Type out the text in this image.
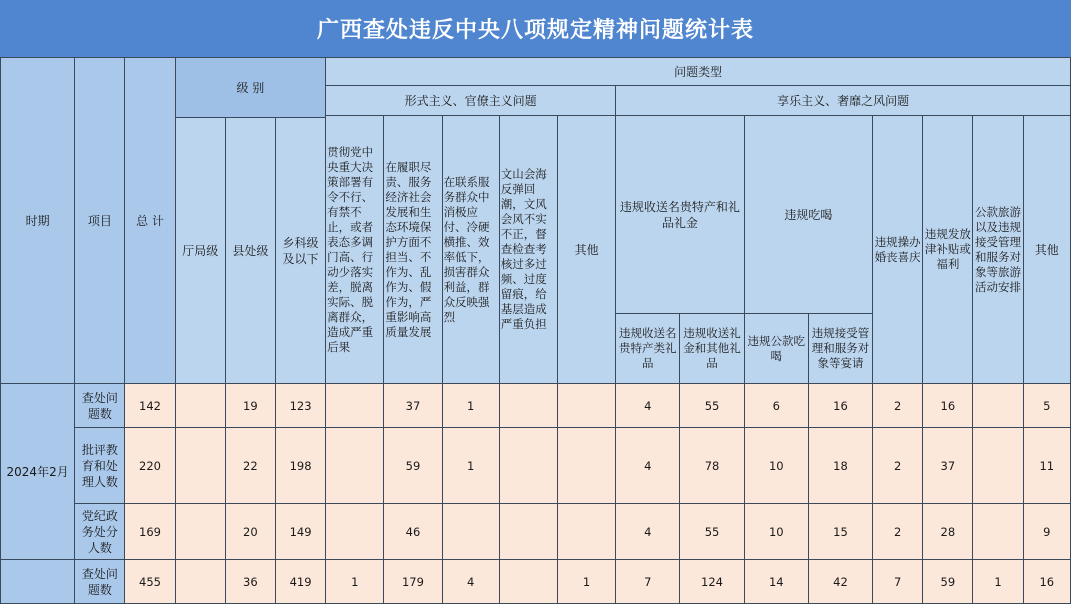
广西查处违反中央八项规定精神问题统计表
时期	项目	总 计	级 别			问题类型												
						形式主义、官僚主义问题					享乐主义、奢靡之风问题							
						贯彻党中央重大决策部署有令不行、有禁不止，或者表态多调门高、行动少落实差，脱离实际、脱离群众，造成严重后果	在履职尽责、服务经济社会发展和生态环境保护方面不担当、不作为、乱作为、假作为，严重影响高质量发展	在联系服务群众中消极应付、冷硬横推、效率低下，损害群众利益，群众反映强烈	文山会海反弹回潮，文风会风不实不正，督查检查考核过多过频、过度留痕，给基层造成严重负担	其他	违规收送名贵特产和礼品礼金		违规吃喝		违规操办婚丧喜庆	违规发放津补贴或福利	公款旅游以及违规接受管理和服务对象等旅游活动安排	其他
			厅局级	县处级	乡科级及以下													
											违规收送名贵特产类礼品	违规收送礼金和其他礼品	违规公款吃喝	违规接受管理和服务对象等宴请				
2024年2月	查处问题数	142		19	123		37	1			4	55	6	16	2	16		5
	批评教育和处理人数	220		22	198		59	1			4	78	10	18	2	37		11
	党纪政务处分人数	169		20	149		46				4	55	10	15	2	28		9
	查处问题数	455		36	419	1	179	4		1	7	124	14	42	7	59	1	16
